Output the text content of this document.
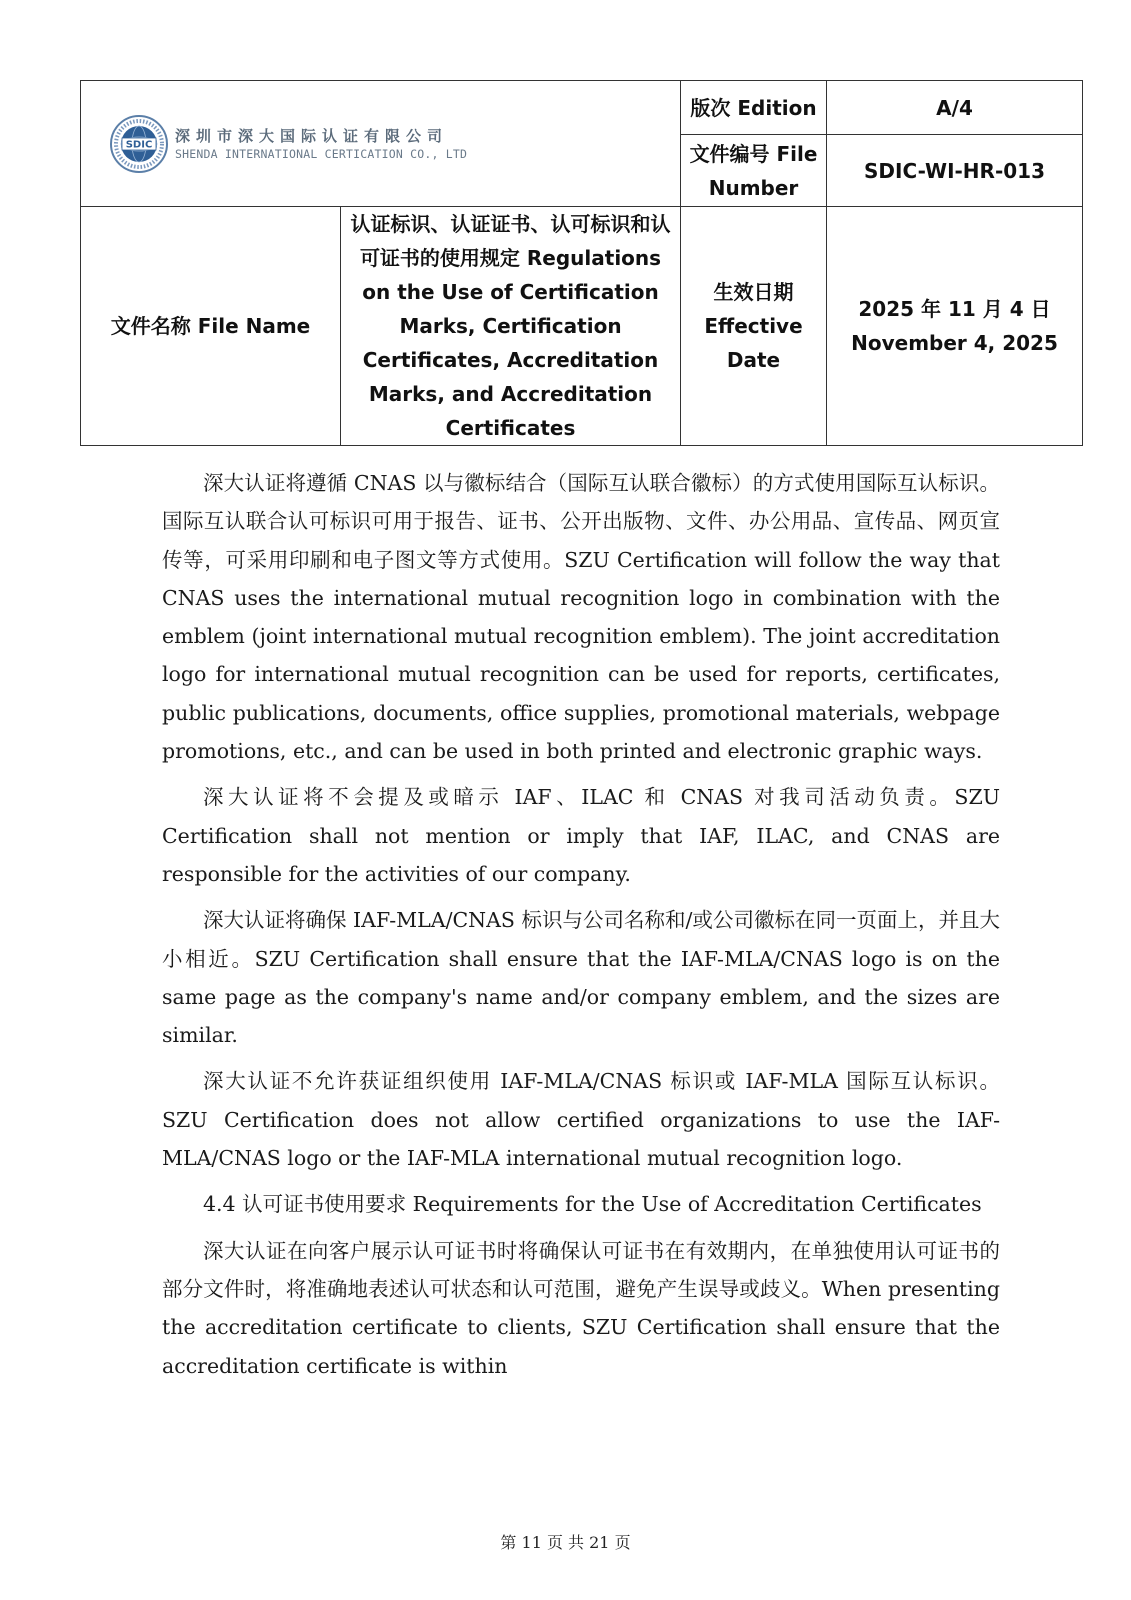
SDIC 深圳市深大国际认证有限公司
SHENDA INTERNATIONAL CERTICATION CO., LTD		版次 Edition	A/4
		文件编号 File Number	SDIC-WI-HR-013
文件名称 File Name	认证标识、认证证书、认可标识和认可证书的使用规定 Regulations on the Use of Certification Marks, Certification Certificates, Accreditation Marks, and Accreditation Certificates	生效日期 Effective Date	2025 年 11 月 4 日
November 4, 2025

深大认证将遵循 CNAS 以与徽标结合（国际互认联合徽标）的方式使用国际互认标识。国际互认联合认可标识可用于报告、证书、公开出版物、文件、办公用品、宣传品、网页宣传等，可采用印刷和电子图文等方式使用。SZU Certification will follow the way that CNAS uses the international mutual recognition logo in combination with the emblem (joint international mutual recognition emblem). The joint accreditation logo for international mutual recognition can be used for reports, certificates, public publications, documents, office supplies, promotional materials, webpage promotions, etc., and can be used in both printed and electronic graphic ways.

深大认证将不会提及或暗示 IAF、ILAC 和 CNAS 对我司活动负责。SZU Certification shall not mention or imply that IAF, ILAC, and CNAS are responsible for the activities of our company.

深大认证将确保 IAF-MLA/CNAS 标识与公司名称和/或公司徽标在同一页面上，并且大小相近。SZU Certification shall ensure that the IAF-MLA/CNAS logo is on the same page as the company's name and/or company emblem, and the sizes are similar.

深大认证不允许获证组织使用 IAF-MLA/CNAS 标识或 IAF-MLA 国际互认标识。SZU Certification does not allow certified organizations to use the IAF-MLA/CNAS logo or the IAF-MLA international mutual recognition logo.

4.4 认可证书使用要求 Requirements for the Use of Accreditation Certificates

深大认证在向客户展示认可证书时将确保认可证书在有效期内，在单独使用认可证书的部分文件时，将准确地表述认可状态和认可范围，避免产生误导或歧义。When presenting the accreditation certificate to clients, SZU Certification shall ensure that the accreditation certificate is within

第 11 页 共 21 页
